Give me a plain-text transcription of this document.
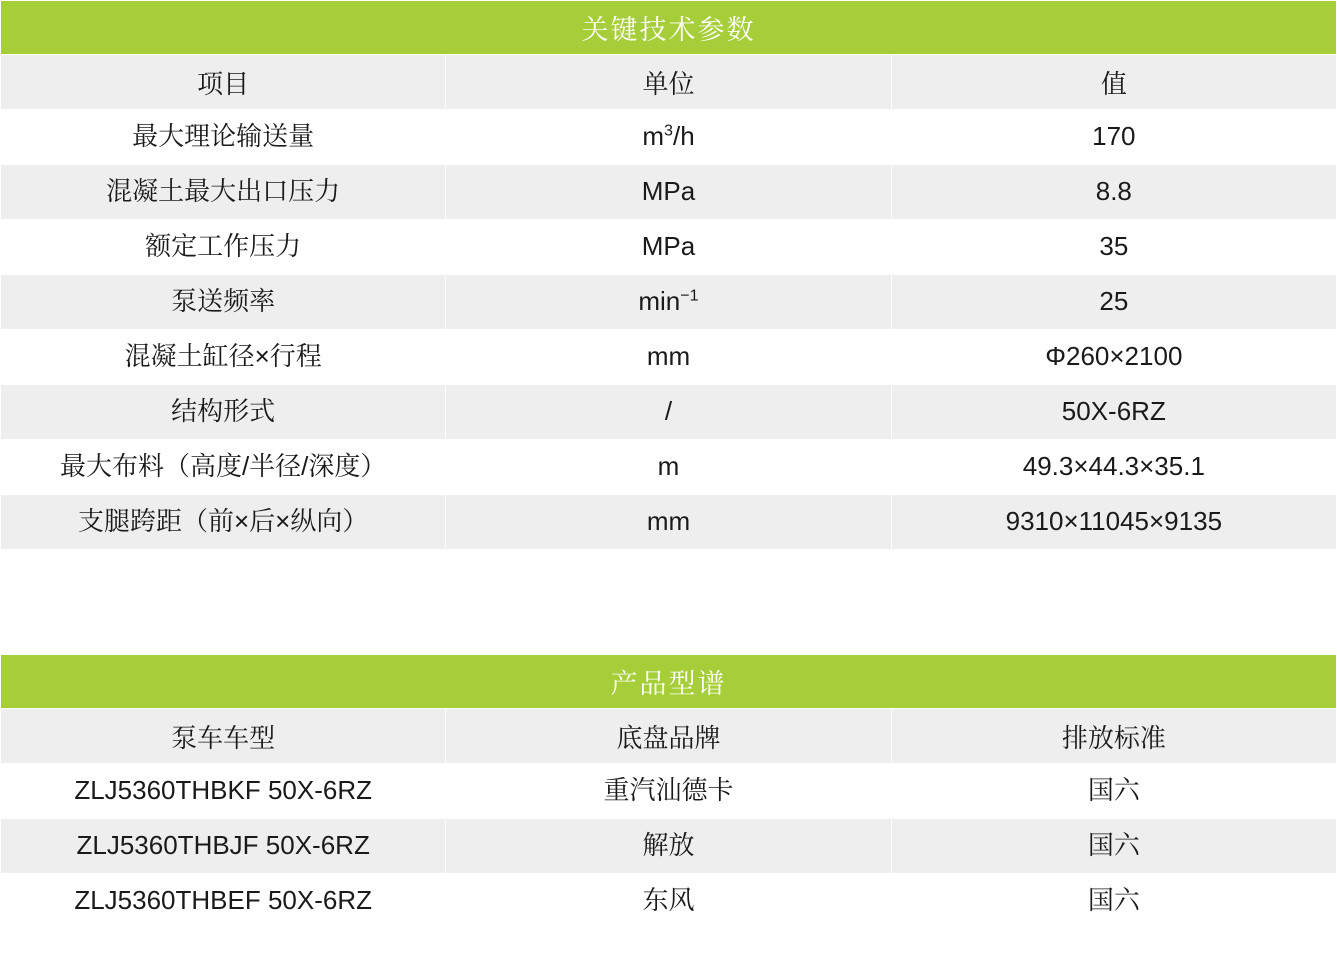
关键技术参数		
项目	单位	值
最大理论输送量	$m^3/h$	170
混凝土最大出口压力	MPa	8.8
额定工作压力	MPa	35
泵送频率	$\min^{-1}$	25
混凝土缸径×行程	mm	Φ260×2100
结构形式	/	50X-6RZ
最大布料（高度/半径/深度）	m	49.3×44.3×35.1
支腿跨距（前×后×纵向）	mm	9310×11045×9135
产品型谱		
泵车车型	底盘品牌	排放标准
ZLJ5360THBKF 50X-6RZ	重汽汕德卡	国六
ZLJ5360THBJF 50X-6RZ	解放	国六
ZLJ5360THBEF 50X-6RZ	东风	国六
